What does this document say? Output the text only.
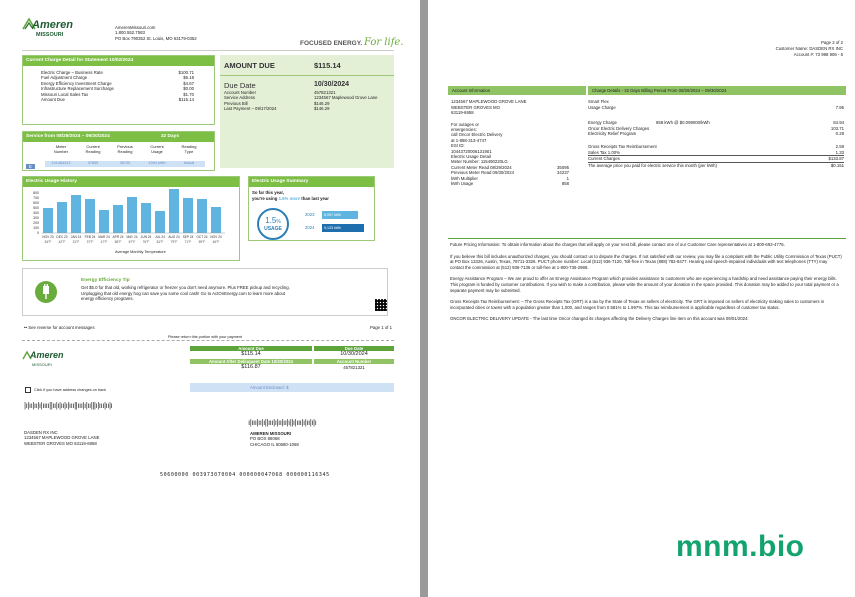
Ameren
MISSOURI
AmerenMissouri.com
1.800.552.7583
PO Box 790352 St. Louis, MO 63179-0352
FOCUSED ENERGY. For life.
Current Charge Detail for Statement 10/02/2024
Electric Charge – Business Rate	$100.71
Fuel Adjustment Charge	$6.18
Energy Efficiency Investment Charge	$4.67
Infrastructure Replacement Surcharge	$0.00
Missouri Local Sales Tax	$1.70
Amount Due	$115.14
AMOUNT DUE	$115.14
Due Date	10/30/2024
Account Number	457821321
Service Address	1234567 Maplewood Grove Lane
Previous Bill	$146.29
Last Payment – 09/17/2024	$146.29
Service from 08/29/2024 – 09/30/2024	32 Days
Meter Number
Current Reading
Previous Reading
Current Usage
Reading Type
E
101484312	37655	36720	1394 kWh	Actual
Electric Usage History
800
700
600
500
400
300
200
100
0
NOV 23
54°F
DEC 23
42°F
JAN 24
31°F
FEB 24
37°F
MAR 24
47°F
APR 24
58°F
MAY 24
67°F
JUN 24
76°F
JUL 24
81°F
AUG 24
79°F
SEP 24
71°F
OCT 24
59°F
NOV 24
46°F
Average Monthly Temperature
Electric Usage Summary
So far this year,
you're using 1.5% more than last year
1.5%
USAGE
2023	8,997 kWh
2024	9,133 kWh
Energy Efficiency Tip
Get $5.0 for that old, working refrigerator or freezer you don't need anymore. Plus FREE pickup and recycling. Unplugging that old energy hog can save you some cool cash! Go to ActOnEnergy.com to learn more about energy efficiency programs.
•• See reverse for account messages	Page 1 of 1
Please return this portion with your payment
Ameren
MISSOURI
Amount Due	Due Date
$115.14	10/30/2024
Amount After Delinquent Date 10/30/2024	Account Number
$116.87	457821321
Amount Enclosed: $
Click if you have address changes on back
|ı|ıı|ıı|ı|ıııı||ıı|ı|ıı|ı|ııı||ııı|ı|ıı|||ı|ııı|ıı|ı
DASDEN RX INC
1234567 MAPLEWOOD GROVE LANE
WEBSTER GROVES MO 63119-6958
ı|ııı|ıı|ı||ııı|ı|ıı|ıı|ı||ı|ııı|ı|ıı|ı|ı
AMEREN MISSOURI
PO BOX 88068
CHICAGO IL 60680-1068
50600000 003973070004 000000047068 000000116345
Page 2 of 2
Customer Name: DASDEN RX INC
Account #: 73 998 906 - 5
Account Information
1234567 MAPLEWOOD GROVE LANE
WEBSTER GROVES MO
63119-6958
For outages or
emergencies:
call Oncor Electric Delivery
at 1-888-313-4747
ESI ID:
10443720006131901
Electric Usage Detail
Meter Number: 115490220LG
Current Meter Read 08/29/2024	35095
Previous Meter Read 09/30/2024	34237
kWh Multiplier	1
kWh Usage	858
Charge Details - 32 Days Billing Period From 08/29/2024 – 09/30/2024
Smart Flex
Usage Charge	7.95
Energy Charge	858 kWh @ $0.099000/kWh	84.94
Oncor Electric Delivery Charges	103.71
Electricity Relief Program	0.28
Gross Receipts Tax Reimbursement	2.59
Sales Tax 1.00%	1.33
Current Charges	$133.87
The average price you paid for electric service this month (per kWh)	$0.151

Future Pricing Information: To obtain information about the charges that will apply on your next bill, please contact one of our Customer Care representatives at 1-800-692-4776.

If you believe this bill includes unauthorized charges, you should contact us to dispute the charges. If not satisfied with our review, you may file a complaint with the Public Utility Commission of Texas (PUCT) at PO Box 13326, Austin, Texas, 78711-3326. PUCT phone number: Local (512) 936-7120, Toll-free in Texas (888) 782-8477. Hearing and speech-impaired individuals with text telephones (TTY) may contact the commission at (512) 936-7136 or toll-free at 1-800-735-2988.

Energy Assistance Program – We are proud to offer an Energy Assistance Program which provides assistance to customers who are experiencing a hardship and need assistance paying their energy bills. This program is funded by customer contributions. If you wish to make a contribution, please write the amount of your donation in the space provided. This donation may be added to your total payment or a separate payment may be submitted.

Gross Receipts Tax Reimbursement: – The Gross Receipts Tax (GRT) is a tax by the State of Texas on sellers of electricity. The GRT is imposed on sellers of electricity making sales to customers in incorporated cities or towns with a population greater than 1,000, and ranges from 0.581% to 1.997%. This tax reimbursement is applicable regardless of customer tax status.

ONCOR ELECTRIC DELIVERY UPDATE - The last time Oncor changed its charges affecting the Delivery Charges line item on this account was 09/01/2024.

mnm.bio
